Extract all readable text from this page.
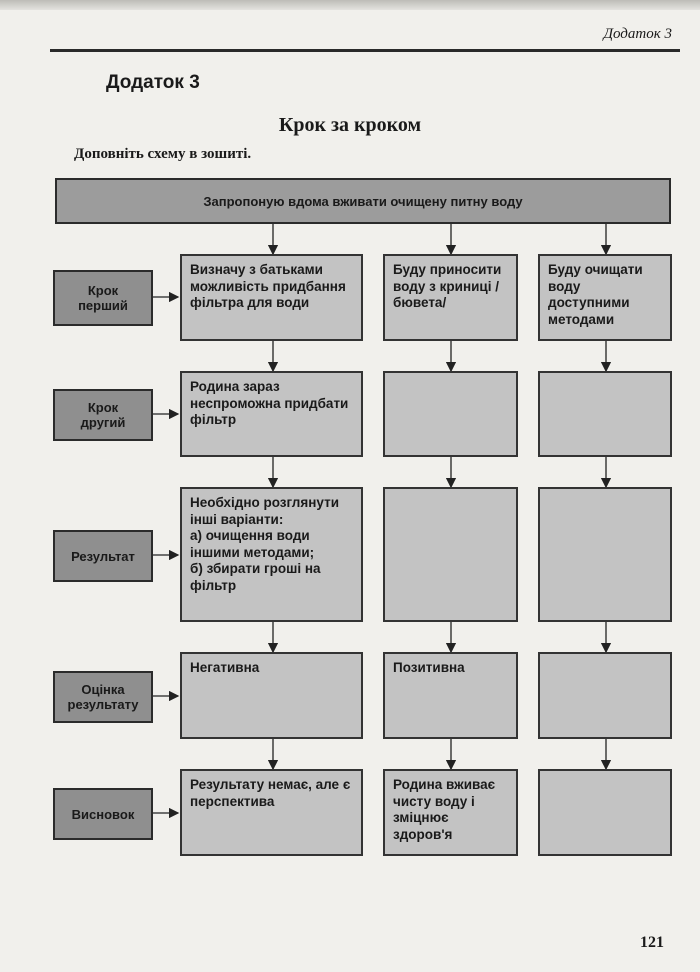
Додаток 3
Додаток 3
Крок за кроком
Доповніть схему в зошиті.
Запропоную вдома вживати очищену питну воду
Крок
перший
Крок
другий
Результат
Оцінка
результату
Висновок
Визначу з батьками можливість придбання фільтра для води
Буду приносити воду з криниці /бювета/
Буду очищати воду доступними методами
Родина зараз неспроможна придбати фільтр
Необхідно розглянути інші варіанти:
а) очищення води іншими методами;
б) збирати гроші на фільтр
Негативна	Позитивна
Результату немає, але є перспектива
Родина вживає чисту воду і зміцнює здоров'я
121
